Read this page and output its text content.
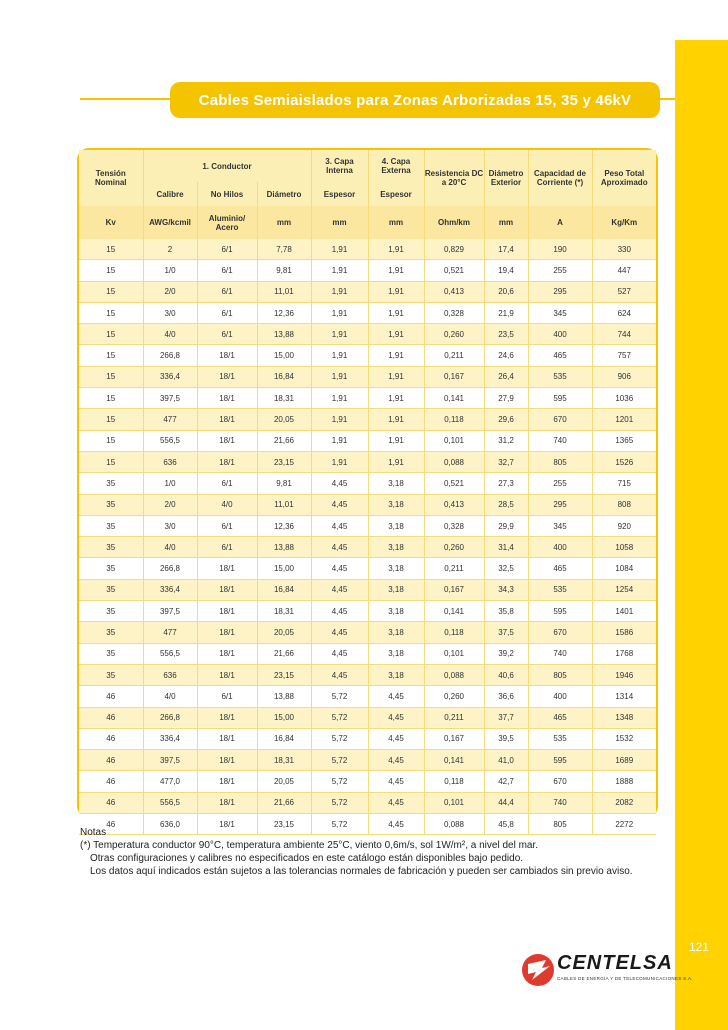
121
Cables Semiaislados para Zonas Arborizadas 15, 35 y 46kV
Tensión Nominal	1. Conductor			3. Capa Interna	4. Capa Externa	Resistencia DC a 20°C	Diámetro Exterior	Capacidad de Corriente (*)	Peso Total Aproximado
	Calibre	No Hilos	Diámetro	Espesor	Espesor				
Kv	AWG/kcmil	Aluminio/ Acero	mm	mm	mm	Ohm/km	mm	A	Kg/Km
15	2	6/1	7,78	1,91	1,91	0,829	17,4	190	330
15	1/0	6/1	9,81	1,91	1,91	0,521	19,4	255	447
15	2/0	6/1	11,01	1,91	1,91	0,413	20,6	295	527
15	3/0	6/1	12,36	1,91	1,91	0,328	21,9	345	624
15	4/0	6/1	13,88	1,91	1,91	0,260	23,5	400	744
15	266,8	18/1	15,00	1,91	1,91	0,211	24,6	465	757
15	336,4	18/1	16,84	1,91	1,91	0,167	26,4	535	906
15	397,5	18/1	18,31	1,91	1,91	0,141	27,9	595	1036
15	477	18/1	20,05	1,91	1,91	0,118	29,6	670	1201
15	556,5	18/1	21,66	1,91	1,91	0,101	31,2	740	1365
15	636	18/1	23,15	1,91	1,91	0,088	32,7	805	1526
35	1/0	6/1	9,81	4,45	3,18	0,521	27,3	255	715
35	2/0	4/0	11,01	4,45	3,18	0,413	28,5	295	808
35	3/0	6/1	12,36	4,45	3,18	0,328	29,9	345	920
35	4/0	6/1	13,88	4,45	3,18	0,260	31,4	400	1058
35	266,8	18/1	15,00	4,45	3,18	0,211	32,5	465	1084
35	336,4	18/1	16,84	4,45	3,18	0,167	34,3	535	1254
35	397,5	18/1	18,31	4,45	3,18	0,141	35,8	595	1401
35	477	18/1	20,05	4,45	3,18	0,118	37,5	670	1586
35	556,5	18/1	21,66	4,45	3,18	0,101	39,2	740	1768
35	636	18/1	23,15	4,45	3,18	0,088	40,6	805	1946
46	4/0	6/1	13,88	5,72	4,45	0,260	36,6	400	1314
46	266,8	18/1	15,00	5,72	4,45	0,211	37,7	465	1348
46	336,4	18/1	16,84	5,72	4,45	0,167	39,5	535	1532
46	397,5	18/1	18,31	5,72	4,45	0,141	41,0	595	1689
46	477,0	18/1	20,05	5,72	4,45	0,118	42,7	670	1888
46	556,5	18/1	21,66	5,72	4,45	0,101	44,4	740	2082
46	636,0	18/1	23,15	5,72	4,45	0,088	45,8	805	2272
Notas
(*) Temperatura conductor 90°C, temperatura ambiente 25°C, viento 0,6m/s, sol 1W/m², a nivel del mar.
Otras configuraciones y calibres no especificados en este catálogo están disponibles bajo pedido.
Los datos aquí indicados están sujetos a las tolerancias normales de fabricación y pueden ser cambiados sin previo aviso.
CENTELSA
CABLES DE ENERGÍA Y DE TELECOMUNICACIONES S.A.
